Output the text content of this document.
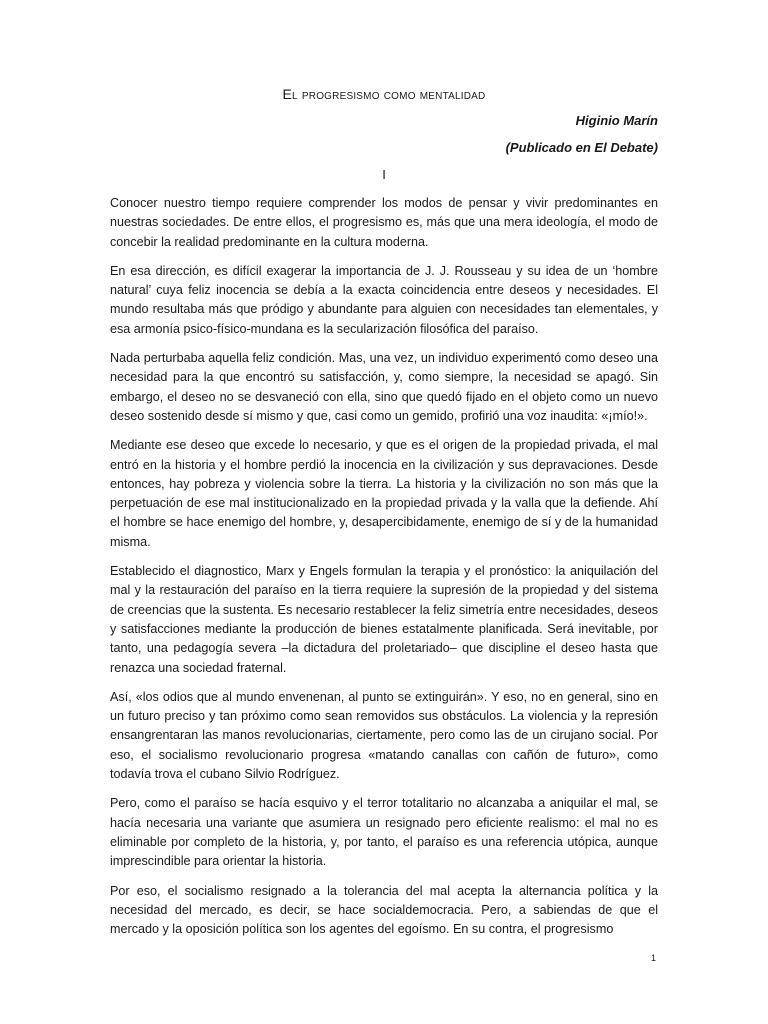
El progresismo como mentalidad
Higinio Marín
(Publicado en El Debate)
I

Conocer nuestro tiempo requiere comprender los modos de pensar y vivir predominantes en nuestras sociedades. De entre ellos, el progresismo es, más que una mera ideología, el modo de concebir la realidad predominante en la cultura moderna.

En esa dirección, es difícil exagerar la importancia de J. J. Rousseau y su idea de un ‘hombre natural’ cuya feliz inocencia se debía a la exacta coincidencia entre deseos y necesidades. El mundo resultaba más que pródigo y abundante para alguien con necesidades tan elementales, y esa armonía psico-físico-mundana es la secularización filosófica del paraíso.

Nada perturbaba aquella feliz condición. Mas, una vez, un individuo experimentó como deseo una necesidad para la que encontró su satisfacción, y, como siempre, la necesidad se apagó. Sin embargo, el deseo no se desvaneció con ella, sino que quedó fijado en el objeto como un nuevo deseo sostenido desde sí mismo y que, casi como un gemido, profirió una voz inaudita: «¡mío!».

Mediante ese deseo que excede lo necesario, y que es el origen de la propiedad privada, el mal entró en la historia y el hombre perdió la inocencia en la civilización y sus depravaciones. Desde entonces, hay pobreza y violencia sobre la tierra. La historia y la civilización no son más que la perpetuación de ese mal institucionalizado en la propiedad privada y la valla que la defiende. Ahí el hombre se hace enemigo del hombre, y, desapercibidamente, enemigo de sí y de la humanidad misma.

Establecido el diagnostico, Marx y Engels formulan la terapia y el pronóstico: la aniquilación del mal y la restauración del paraíso en la tierra requiere la supresión de la propiedad y del sistema de creencias que la sustenta. Es necesario restablecer la feliz simetría entre necesidades, deseos y satisfacciones mediante la producción de bienes estatalmente planificada. Será inevitable, por tanto, una pedagogía severa –la dictadura del proletariado– que discipline el deseo hasta que renazca una sociedad fraternal.

Así, «los odios que al mundo envenenan, al punto se extinguirán». Y eso, no en general, sino en un futuro preciso y tan próximo como sean removidos sus obstáculos. La violencia y la represión ensangrentaran las manos revolucionarias, ciertamente, pero como las de un cirujano social. Por eso, el socialismo revolucionario progresa «matando canallas con cañón de futuro», como todavía trova el cubano Silvio Rodríguez.

Pero, como el paraíso se hacía esquivo y el terror totalitario no alcanzaba a aniquilar el mal, se hacía necesaria una variante que asumiera un resignado pero eficiente realismo: el mal no es eliminable por completo de la historia, y, por tanto, el paraíso es una referencia utópica, aunque imprescindible para orientar la historia.

Por eso, el socialismo resignado a la tolerancia del mal acepta la alternancia política y la necesidad del mercado, es decir, se hace socialdemocracia. Pero, a sabiendas de que el mercado y la oposición política son los agentes del egoísmo. En su contra, el progresismo

1
